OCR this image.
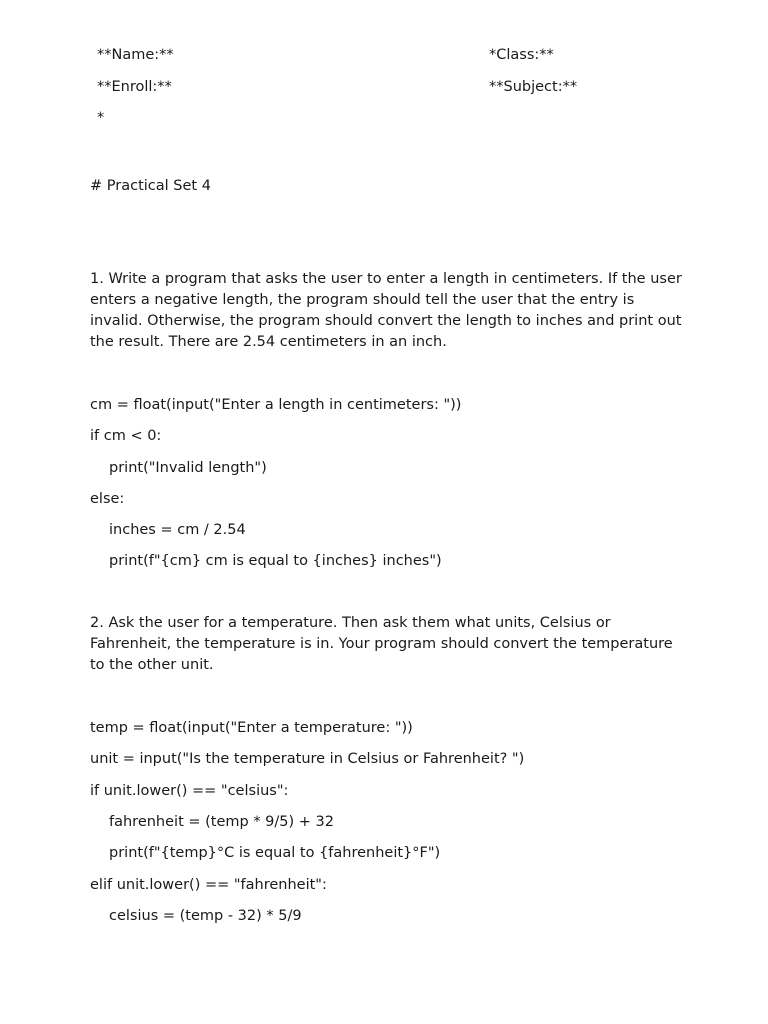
**Name:**	*Class:**
**Enroll:**	**Subject:**
*
# Practical Set 4
1. Write a program that asks the user to enter a length in centimeters. If the user enters a negative length, the program should tell the user that the entry is invalid. Otherwise, the program should convert the length to inches and print out the result. There are 2.54 centimeters in an inch.
cm = float(input("Enter a length in centimeters: "))
if cm < 0:
print("Invalid length")
else:
inches = cm / 2.54
print(f"{cm} cm is equal to {inches} inches")
2. Ask the user for a temperature. Then ask them what units, Celsius or Fahrenheit, the temperature is in. Your program should convert the temperature to the other unit.
temp = float(input("Enter a temperature: "))
unit = input("Is the temperature in Celsius or Fahrenheit? ")
if unit.lower() == "celsius":
fahrenheit = (temp * 9/5) + 32
print(f"{temp}°C is equal to {fahrenheit}°F")
elif unit.lower() == "fahrenheit":
celsius = (temp - 32) * 5/9
